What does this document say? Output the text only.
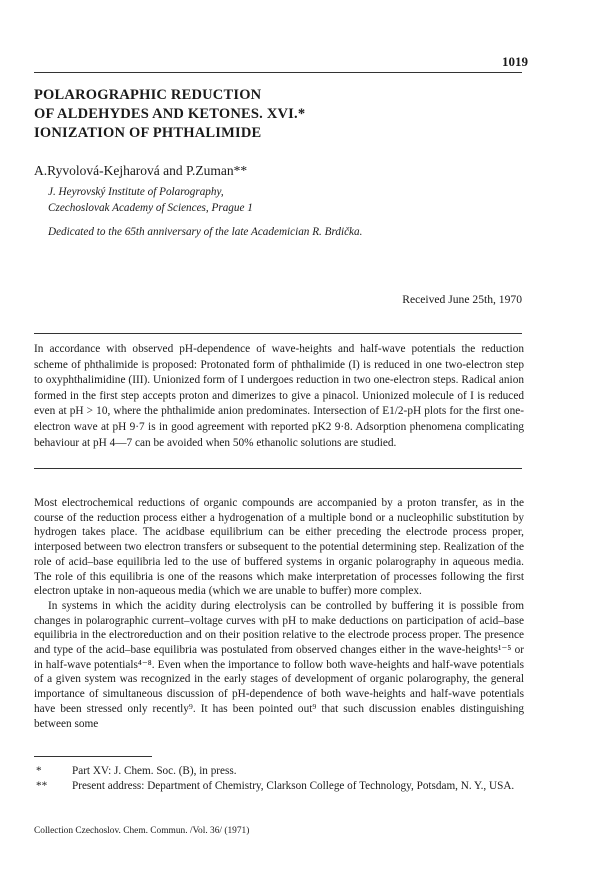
1019
POLAROGRAPHIC REDUCTION
OF ALDEHYDES AND KETONES. XVI.*
IONIZATION OF PHTHALIMIDE
A.Ryvolová-Kejharová and P.Zuman**
J. Heyrovský Institute of Polarography,
Czechoslovak Academy of Sciences, Prague 1
Dedicated to the 65th anniversary of the late Academician R. Brdička.
Received June 25th, 1970

In accordance with observed pH-dependence of wave-heights and half-wave potentials the reduction scheme of phthalimide is proposed: Protonated form of phthalimide (I) is reduced in one two-electron step to oxyphthalimidine (III). Unionized form of I undergoes reduction in two one-electron steps. Radical anion formed in the first step accepts proton and dimerizes to give a pinacol. Unionized molecule of I is reduced even at pH > 10, where the phthalimide anion predominates. Intersection of E1/2-pH plots for the first one-electron wave at pH 9·7 is in good agreement with reported pK2 9·8. Adsorption phenomena complicating behaviour at pH 4—7 can be avoided when 50% ethanolic solutions are studied.

Most electrochemical reductions of organic compounds are accompanied by a proton transfer, as in the course of the reduction process either a hydrogenation of a multiple bond or a nucleophilic substitution by hydrogen takes place. The acidbase equilibrium can be either preceding the electrode process proper, interposed between two electron transfers or subsequent to the potential determining step. Realization of the role of acid–base equilibria led to the use of buffered systems in organic polarography in aqueous media. The role of this equilibria is one of the reasons which make interpretation of processes following the first electron uptake in non-aqueous media (which we are unable to buffer) more complex.

In systems in which the acidity during electrolysis can be controlled by buffering it is possible from changes in polarographic current–voltage curves with pH to make deductions on participation of acid–base equilibria in the electroreduction and on their position relative to the electrode process proper. The presence and type of the acid–base equilibria was postulated from observed changes either in the wave-heights¹⁻⁵ or in half-wave potentials⁴⁻⁸. Even when the importance to follow both wave-heights and half-wave potentials of a given system was recognized in the early stages of development of organic polarography, the general importance of simultaneous discussion of pH-dependence of both wave-heights and half-wave potentials have been stressed only recently⁹. It has been pointed out⁹ that such discussion enables distinguishing between some

*	Part XV: J. Chem. Soc. (B), in press.
**	Present address: Department of Chemistry, Clarkson College of Technology, Potsdam, N. Y., USA.
Collection Czechoslov. Chem. Commun. /Vol. 36/ (1971)
